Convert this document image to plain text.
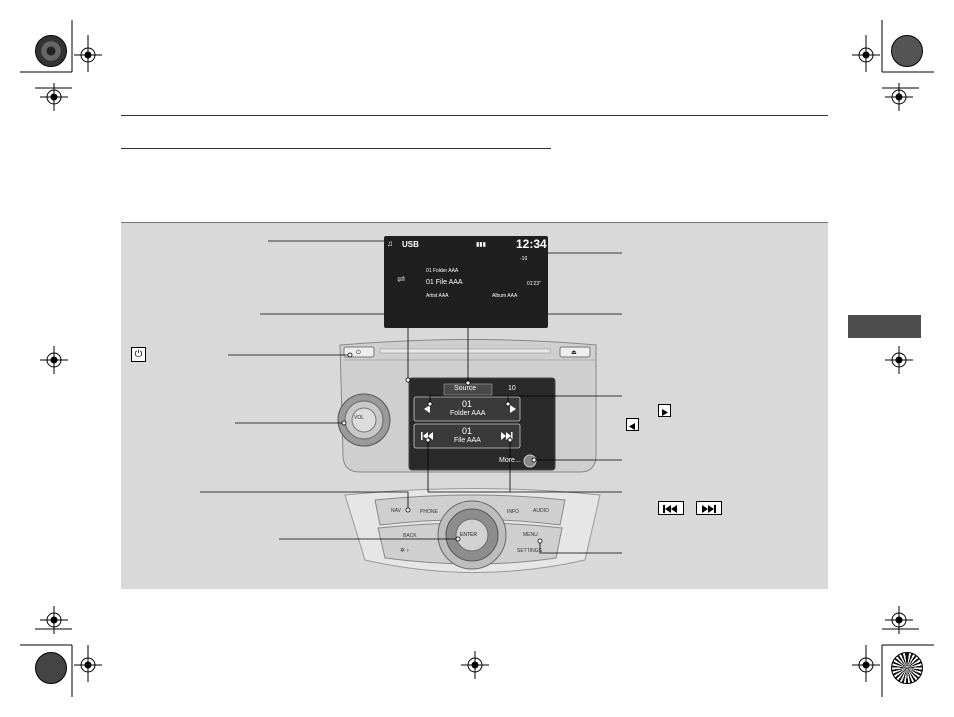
♫ USB	▮▮▮	12:34
-10
⇌
01 Folder AAA
01 File AAA	01'23"
Artist AAA	Album AAA
Source	10
01
Folder AAA
01
File AAA
More...
VOL
NAV	PHONE	INFO	AUDIO
BACK	ENTER	MENU
SETTINGS
✲ ›
⏻	⏏
⏻
